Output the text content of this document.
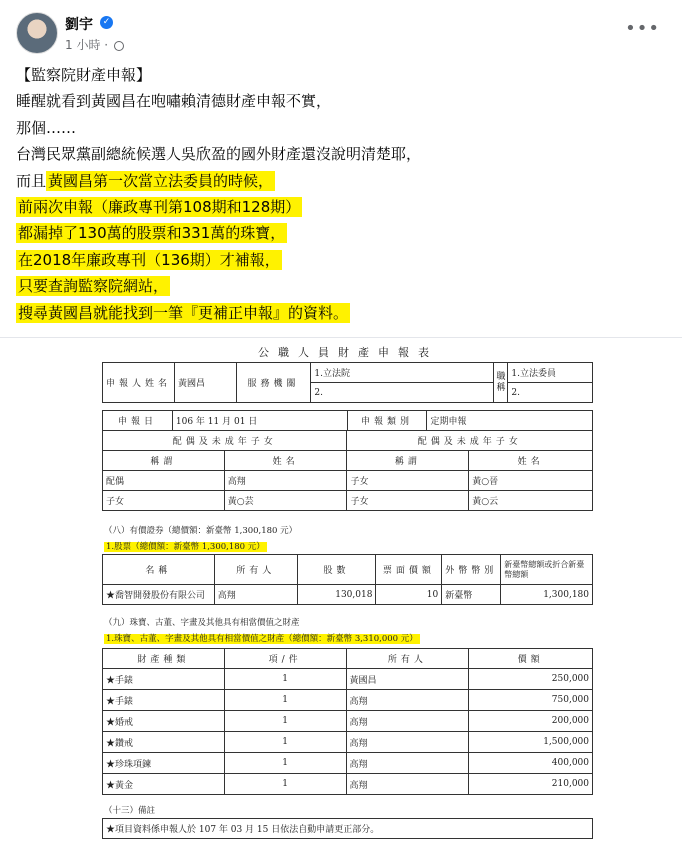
劉宇	✓
1 小時 ·
•••
【監察院財產申報】
睡醒就看到黃國昌在咆嘯賴清德財產申報不實，
那個……
台灣民眾黨副總統候選人吳欣盈的國外財產還沒說明清楚耶，
而且 黃國昌第一次當立法委員的時候，
前兩次申報（廉政專刊第108期和128期）
都漏掉了130萬的股票和331萬的珠寶，
在2018年廉政專刊（136期）才補報，
只要查詢監察院網站，
搜尋黃國昌就能找到一筆『更補正申報』的資料。
公職人員財產申報表
申報人姓名	黃國昌	服務機關	1.立法院	職稱	1.立法委員
			2.		2.
申報日	106 年 11 月 01 日	申報類別	定期申報
配偶及未成年子女		配偶及未成年子女	
稱謂	姓名	稱謂	姓名
配偶	高翔	子女	黃○晉
子女	黃○芸	子女	黃○云
（八）有價證券（總價額：新臺幣 1,300,180 元）
1.股票（總價額：新臺幣 1,300,180 元）
名稱	所有人	股數	票面價額	外幣幣別	新臺幣總額或折合新臺幣總額
★喬智開發股份有限公司	高翔	130,018	10	新臺幣	1,300,180
（九）珠寶、古董、字畫及其他具有相當價值之財產
1.珠寶、古董、字畫及其他具有相當價值之財產（總價額：新臺幣 3,310,000 元）
財產種類	項/件	所有人	價額
★手錶	1	黃國昌	250,000
★手錶	1	高翔	750,000
★婚戒	1	高翔	200,000
★鑽戒	1	高翔	1,500,000
★珍珠項鍊	1	高翔	400,000
★黃金	1	高翔	210,000
（十三）備註
★項目資料係申報人於 107 年 03 月 15 日依法自動申請更正部分。
